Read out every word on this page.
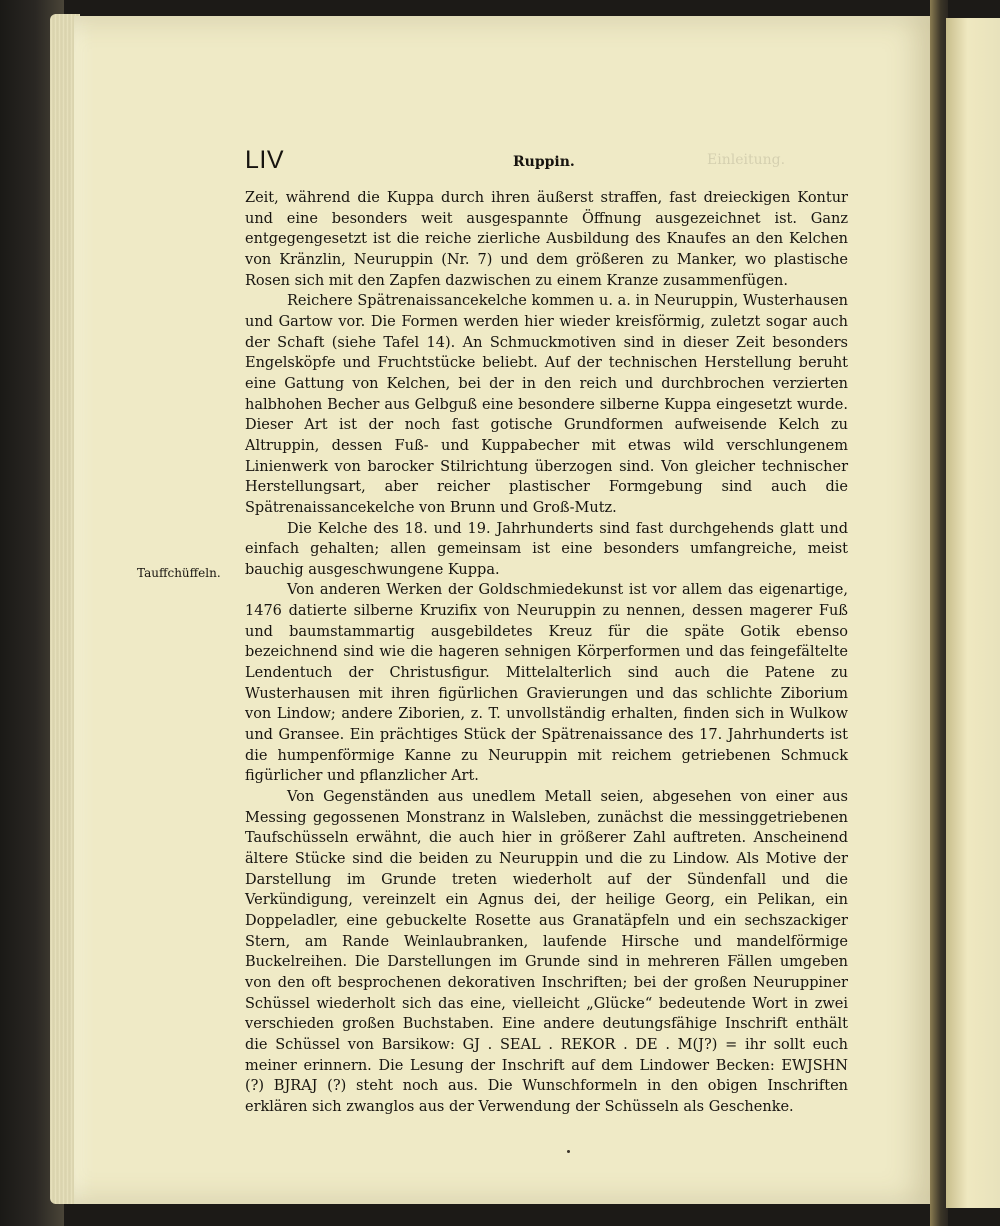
LIV	Ruppin.	Einleitung.
Tauffchüffeln.

Zeit, während die Kuppa durch ihren äußerst straffen, fast dreieckigen Kontur und eine besonders weit ausgespannte Öffnung ausgezeichnet ist. Ganz entgegengesetzt ist die reiche zierliche Ausbildung des Knaufes an den Kelchen von Kränzlin, Neuruppin (Nr. 7) und dem größeren zu Manker, wo plastische Rosen sich mit den Zapfen dazwischen zu einem Kranze zusammenfügen.

Reichere Spätrenaissancekelche kommen u. a. in Neuruppin, Wusterhausen und Gartow vor. Die Formen werden hier wieder kreisförmig, zuletzt sogar auch der Schaft (siehe Tafel 14). An Schmuckmotiven sind in dieser Zeit besonders Engelsköpfe und Fruchtstücke beliebt. Auf der technischen Herstellung beruht eine Gattung von Kelchen, bei der in den reich und durchbrochen verzierten halbhohen Becher aus Gelbguß eine besondere silberne Kuppa eingesetzt wurde. Dieser Art ist der noch fast gotische Grundformen aufweisende Kelch zu Altruppin, dessen Fuß- und Kuppabecher mit etwas wild verschlungenem Linienwerk von barocker Stilrichtung überzogen sind. Von gleicher technischer Herstellungsart, aber reicher plastischer Formgebung sind auch die Spätrenaissancekelche von Brunn und Groß-Mutz.

Die Kelche des 18. und 19. Jahrhunderts sind fast durchgehends glatt und einfach gehalten; allen gemeinsam ist eine besonders umfangreiche, meist bauchig ausgeschwungene Kuppa.

Von anderen Werken der Goldschmiedekunst ist vor allem das eigenartige, 1476 datierte silberne Kruzifix von Neuruppin zu nennen, dessen magerer Fuß und baumstammartig ausgebildetes Kreuz für die späte Gotik ebenso bezeichnend sind wie die hageren sehnigen Körperformen und das feingefältelte Lendentuch der Christusfigur. Mittelalterlich sind auch die Patene zu Wusterhausen mit ihren figürlichen Gravierungen und das schlichte Ziborium von Lindow; andere Ziborien, z. T. unvollständig erhalten, finden sich in Wulkow und Gransee. Ein prächtiges Stück der Spätrenaissance des 17. Jahrhunderts ist die humpenförmige Kanne zu Neuruppin mit reichem getriebenen Schmuck figürlicher und pflanzlicher Art.

Von Gegenständen aus unedlem Metall seien, abgesehen von einer aus Messing gegossenen Monstranz in Walsleben, zunächst die messinggetriebenen Taufschüsseln erwähnt, die auch hier in größerer Zahl auftreten. Anscheinend ältere Stücke sind die beiden zu Neuruppin und die zu Lindow. Als Motive der Darstellung im Grunde treten wiederholt auf der Sündenfall und die Verkündigung, vereinzelt ein Agnus dei, der heilige Georg, ein Pelikan, ein Doppeladler, eine gebuckelte Rosette aus Granatäpfeln und ein sechszackiger Stern, am Rande Weinlaubranken, laufende Hirsche und mandelförmige Buckelreihen. Die Darstellungen im Grunde sind in mehreren Fällen umgeben von den oft besprochenen dekorativen Inschriften; bei der großen Neuruppiner Schüssel wiederholt sich das eine, vielleicht „Glücke“ bedeutende Wort in zwei verschieden großen Buchstaben. Eine andere deutungsfähige Inschrift enthält die Schüssel von Barsikow: GJ . SEAL . REKOR . DE . M(J?) = ihr sollt euch meiner erinnern. Die Lesung der Inschrift auf dem Lindower Becken: EWJSHN (?) BJRAJ (?) steht noch aus. Die Wunschformeln in den obigen Inschriften erklären sich zwanglos aus der Verwendung der Schüsseln als Geschenke.
